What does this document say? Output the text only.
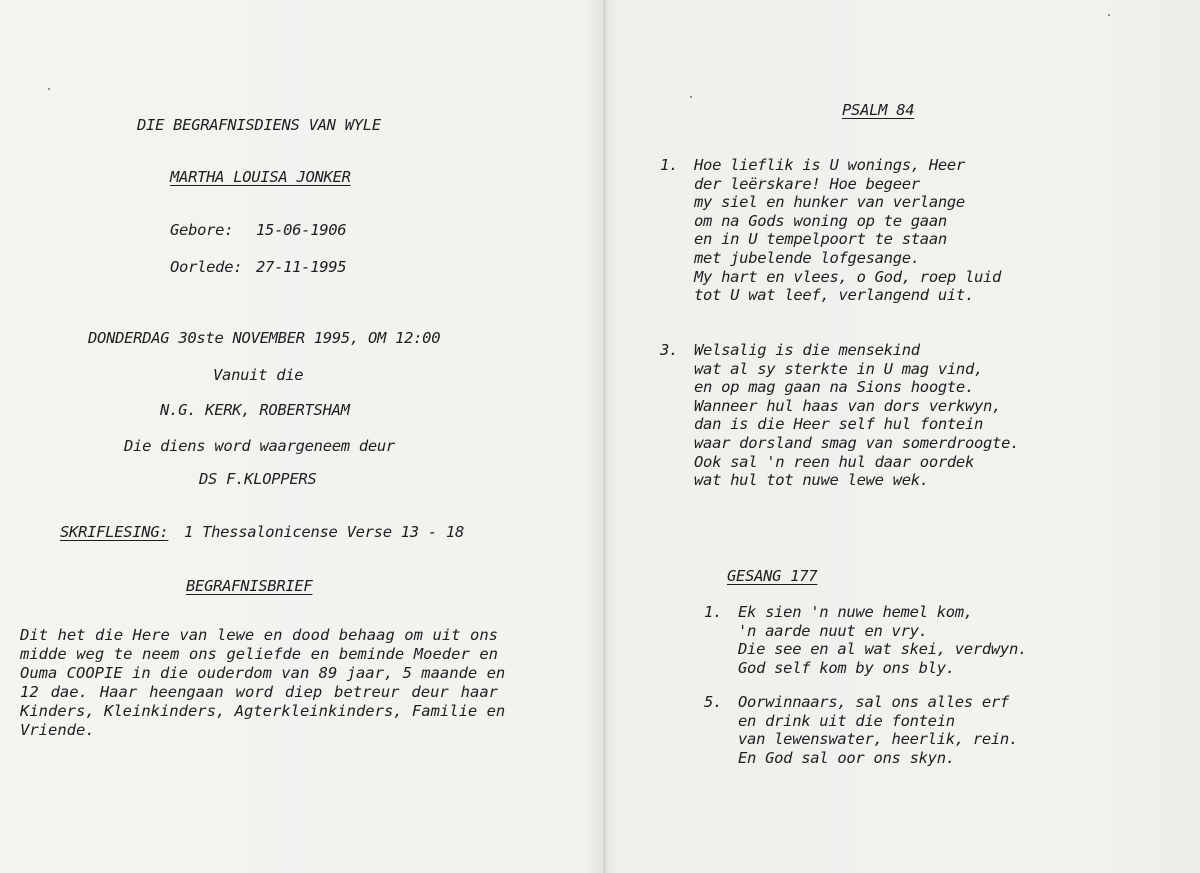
DIE BEGRAFNISDIENS VAN WYLE
MARTHA LOUISA JONKER
Gebore: 15-06-1906
Oorlede: 27-11-1995
DONDERDAG 30ste NOVEMBER 1995, OM 12:00
Vanuit die
N.G. KERK, ROBERTSHAM
Die diens word waargeneem deur
DS F.KLOPPERS
SKRIFLESING: 1 Thessalonicense Verse 13 - 18
BEGRAFNISBRIEF
Dit het die Here van lewe en dood behaag om uit ons
midde weg te neem ons geliefde en beminde Moeder en
Ouma COOPIE in die ouderdom van 89 jaar, 5 maande en
12 dae. Haar heengaan word diep betreur deur haar
Kinders, Kleinkinders, Agterkleinkinders, Familie en
Vriende.
PSALM 84
1.	Hoe lieflik is U wonings, Heer
der leërskare! Hoe begeer
my siel en hunker van verlange
om na Gods woning op te gaan
en in U tempelpoort te staan
met jubelende lofgesange.
My hart en vlees, o God, roep luid
tot U wat leef, verlangend uit.
3.	Welsalig is die mensekind
wat al sy sterkte in U mag vind,
en op mag gaan na Sions hoogte.
Wanneer hul haas van dors verkwyn,
dan is die Heer self hul fontein
waar dorsland smag van somerdroogte.
Ook sal 'n reen hul daar oordek
wat hul tot nuwe lewe wek.
GESANG 177
1.	Ek sien 'n nuwe hemel kom,
'n aarde nuut en vry.
Die see en al wat skei, verdwyn.
God self kom by ons bly.
5.	Oorwinnaars, sal ons alles erf
en drink uit die fontein
van lewenswater, heerlik, rein.
En God sal oor ons skyn.
